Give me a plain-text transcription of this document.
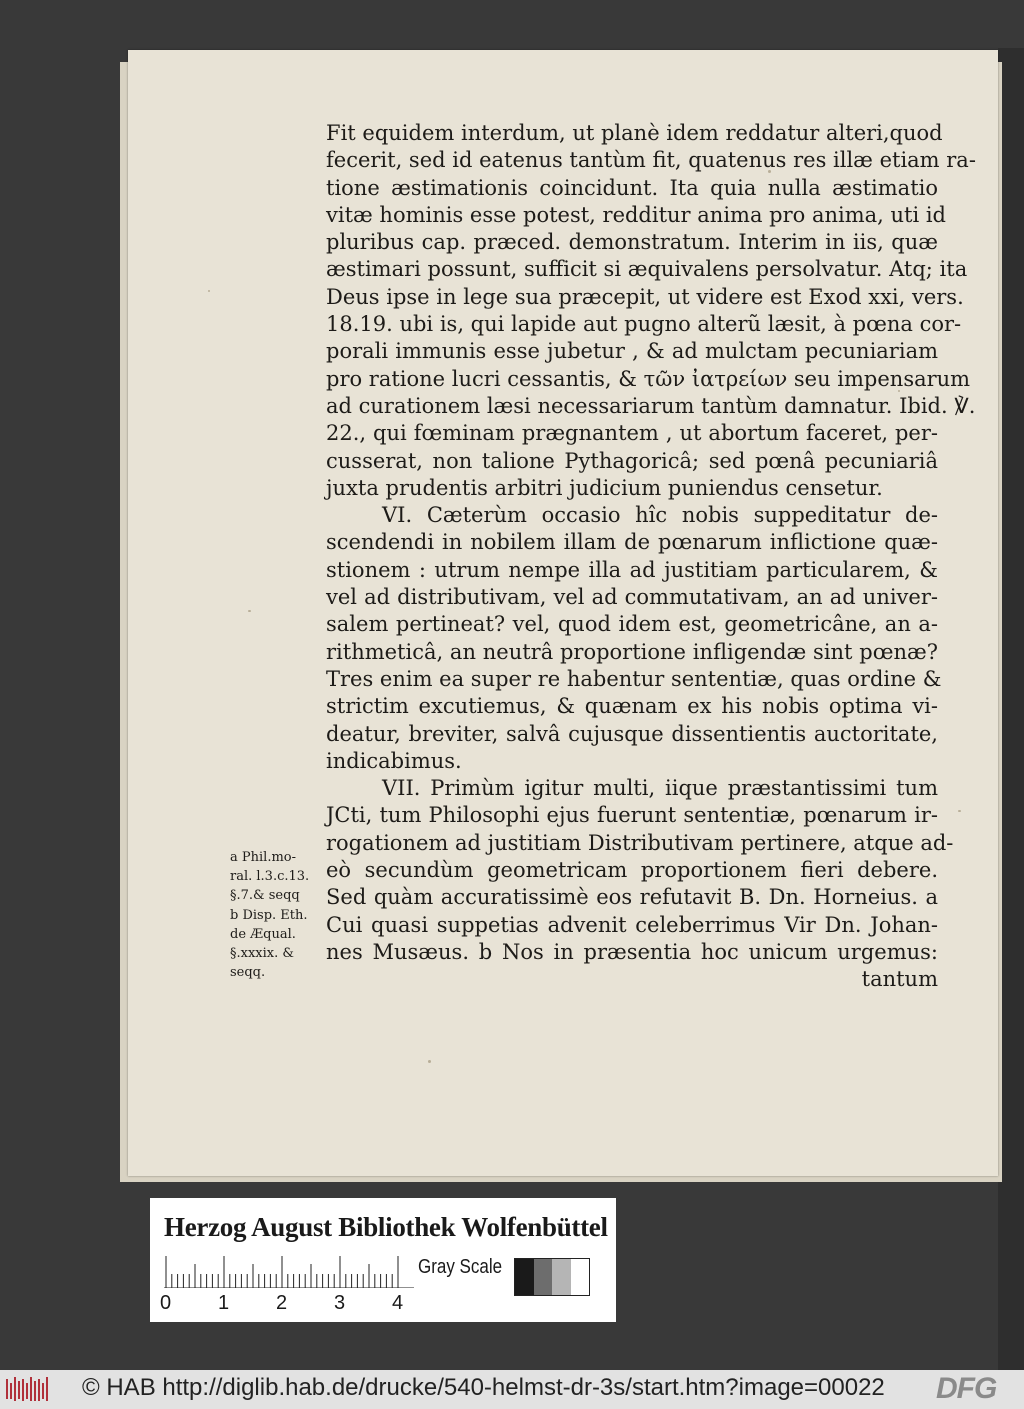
Fit equidem interdum, ut planè idem reddatur alteri,quod
fecerit, sed id eatenus tantùm fit, quatenus res illæ etiam ra-
tione æstimationis coincidunt. Ita quia nulla æstimatio
vitæ hominis esse potest, redditur anima pro anima, uti id
pluribus cap. præced. demonstratum. Interim in iis, quæ
æstimari possunt, sufficit si æquivalens persolvatur. Atq; ita
Deus ipse in lege sua præcepit, ut videre est Exod xxi, vers.
18.19. ubi is, qui lapide aut pugno alterũ læsit, à pœna cor-
porali immunis esse jubetur , & ad mulctam pecuniariam
pro ratione lucri cessantis, & τῶν ἰατρείων seu impensarum
ad curationem læsi necessariarum tantùm damnatur. Ibid. ℣.
22., qui fœminam prægnantem , ut abortum faceret, per-
cusserat, non talione Pythagoricâ; sed pœnâ pecuniariâ
juxta prudentis arbitri judicium puniendus censetur.
VI. Cæterùm occasio hîc nobis suppeditatur de-
scendendi in nobilem illam de pœnarum inflictione quæ-
stionem : utrum nempe illa ad justitiam particularem, &
vel ad distributivam, vel ad commutativam, an ad univer-
salem pertineat? vel, quod idem est, geometricâne, an a-
rithmeticâ, an neutrâ proportione infligendæ sint pœnæ?
Tres enim ea super re habentur sententiæ, quas ordine &
strictim excutiemus, & quænam ex his nobis optima vi-
deatur, breviter, salvâ cujusque dissentientis auctoritate,
indicabimus.
VII. Primùm igitur multi, iique præstantissimi tum
JCti, tum Philosophi ejus fuerunt sententiæ, pœnarum ir-
rogationem ad justitiam Distributivam pertinere, atque ad-
eò secundùm geometricam proportionem fieri debere.
Sed quàm accuratissimè eos refutavit B. Dn. Horneius. a
Cui quasi suppetias advenit celeberrimus Vir Dn. Johan-
nes Musæus. b Nos in præsentia hoc unicum urgemus:
tantum
a Phil.mo-
ral. l.3.c.13.
§.7.& seqq
b Disp. Eth.
de Æqual.
§.xxxix. &
seqq.
Herzog August Bibliothek Wolfenbüttel
0 1 2 3 4
Gray Scale
© HAB http://diglib.hab.de/drucke/540-helmst-dr-3s/start.htm?image=00022 DFG
